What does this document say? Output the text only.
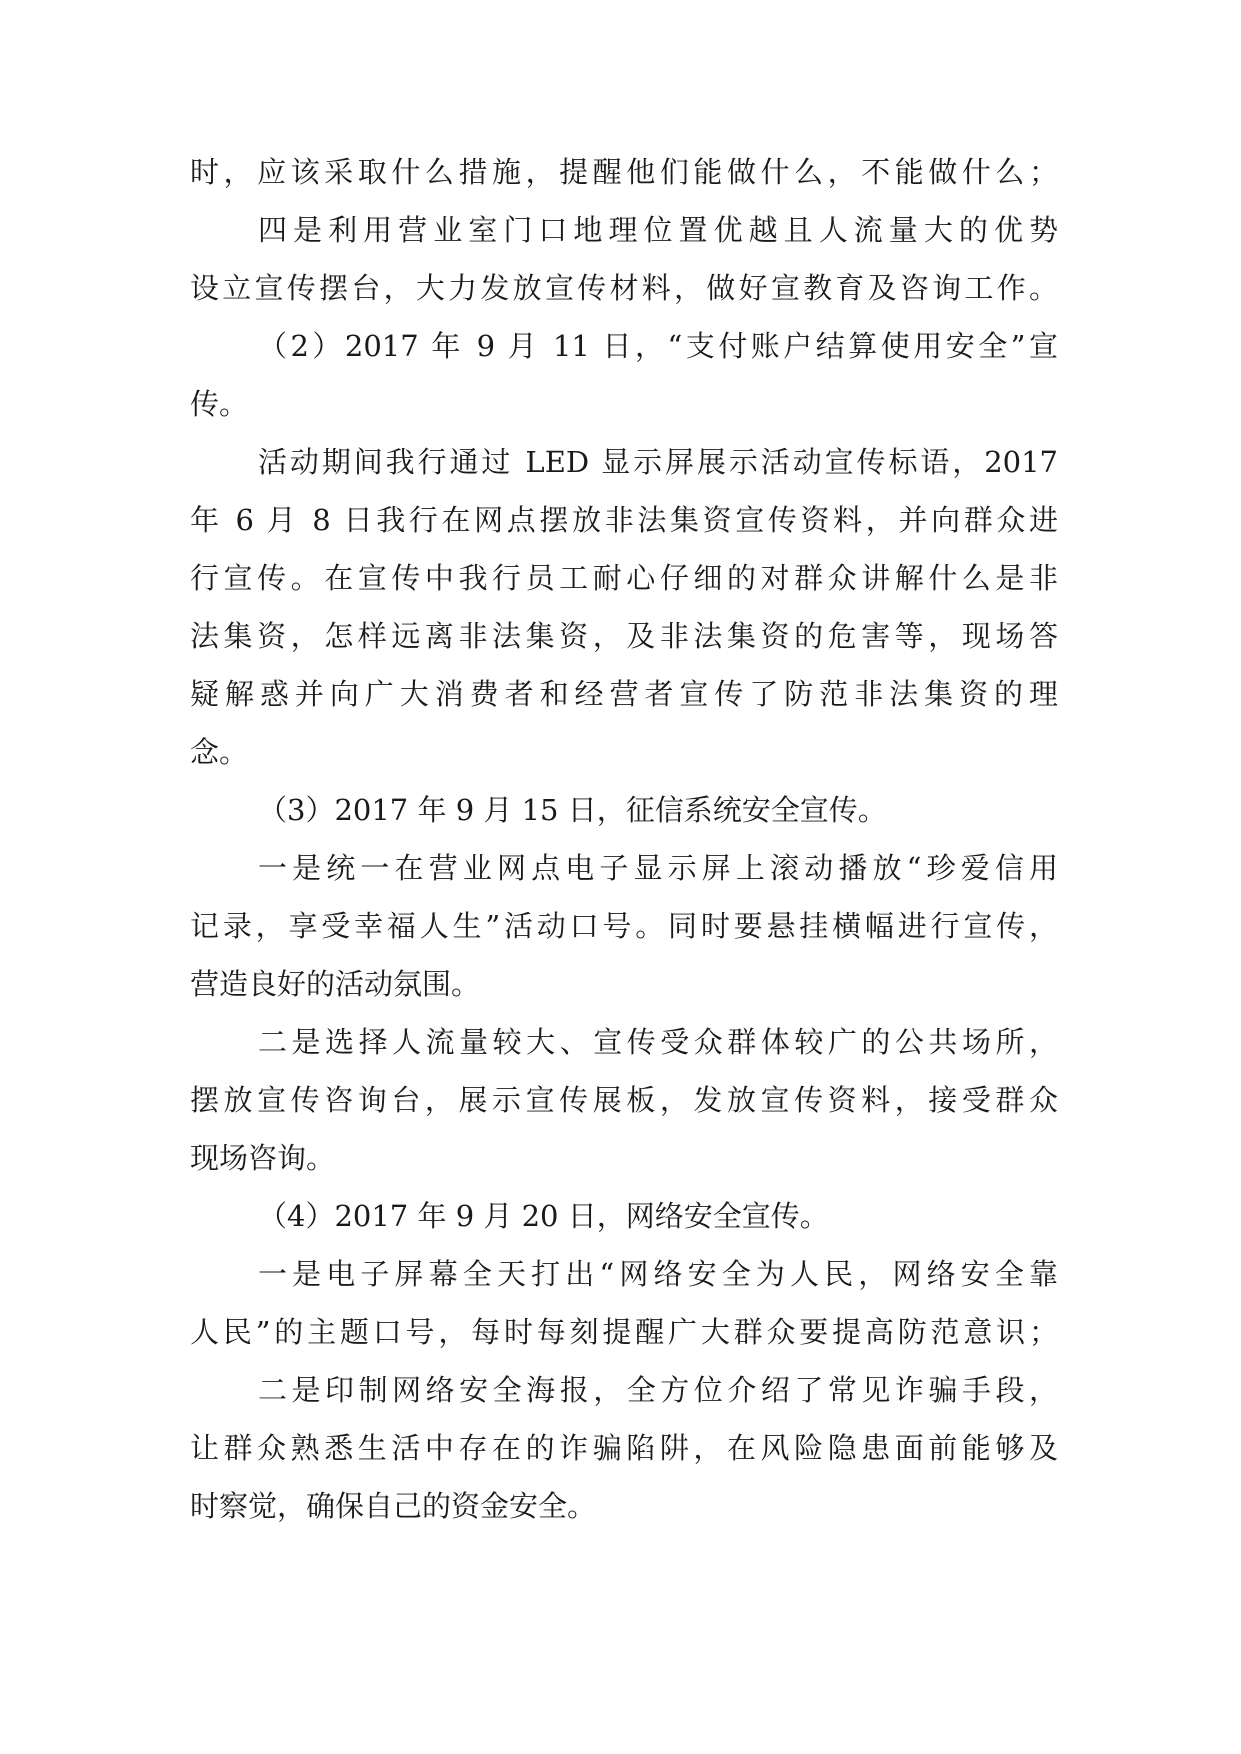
时，应该采取什么措施，提醒他们能做什么，不能做什么；
四是利用营业室门口地理位置优越且人流量大的优势
设立宣传摆台，大力发放宣传材料，做好宣教育及咨询工作。
（2）2017 年 9 月 11 日，“支付账户结算使用安全”宣
传。
活动期间我行通过 LED 显示屏展示活动宣传标语，2017
年 6 月 8 日我行在网点摆放非法集资宣传资料，并向群众进
行宣传。在宣传中我行员工耐心仔细的对群众讲解什么是非
法集资，怎样远离非法集资，及非法集资的危害等，现场答
疑解惑并向广大消费者和经营者宣传了防范非法集资的理
念。
（3）2017 年 9 月 15 日，征信系统安全宣传。
一是统一在营业网点电子显示屏上滚动播放“珍爱信用
记录，享受幸福人生”活动口号。同时要悬挂横幅进行宣传，
营造良好的活动氛围。
二是选择人流量较大、宣传受众群体较广的公共场所，
摆放宣传咨询台，展示宣传展板，发放宣传资料，接受群众
现场咨询。
（4）2017 年 9 月 20 日，网络安全宣传。
一是电子屏幕全天打出“网络安全为人民，网络安全靠
人民”的主题口号，每时每刻提醒广大群众要提高防范意识；
二是印制网络安全海报，全方位介绍了常见诈骗手段，
让群众熟悉生活中存在的诈骗陷阱，在风险隐患面前能够及
时察觉，确保自己的资金安全。
